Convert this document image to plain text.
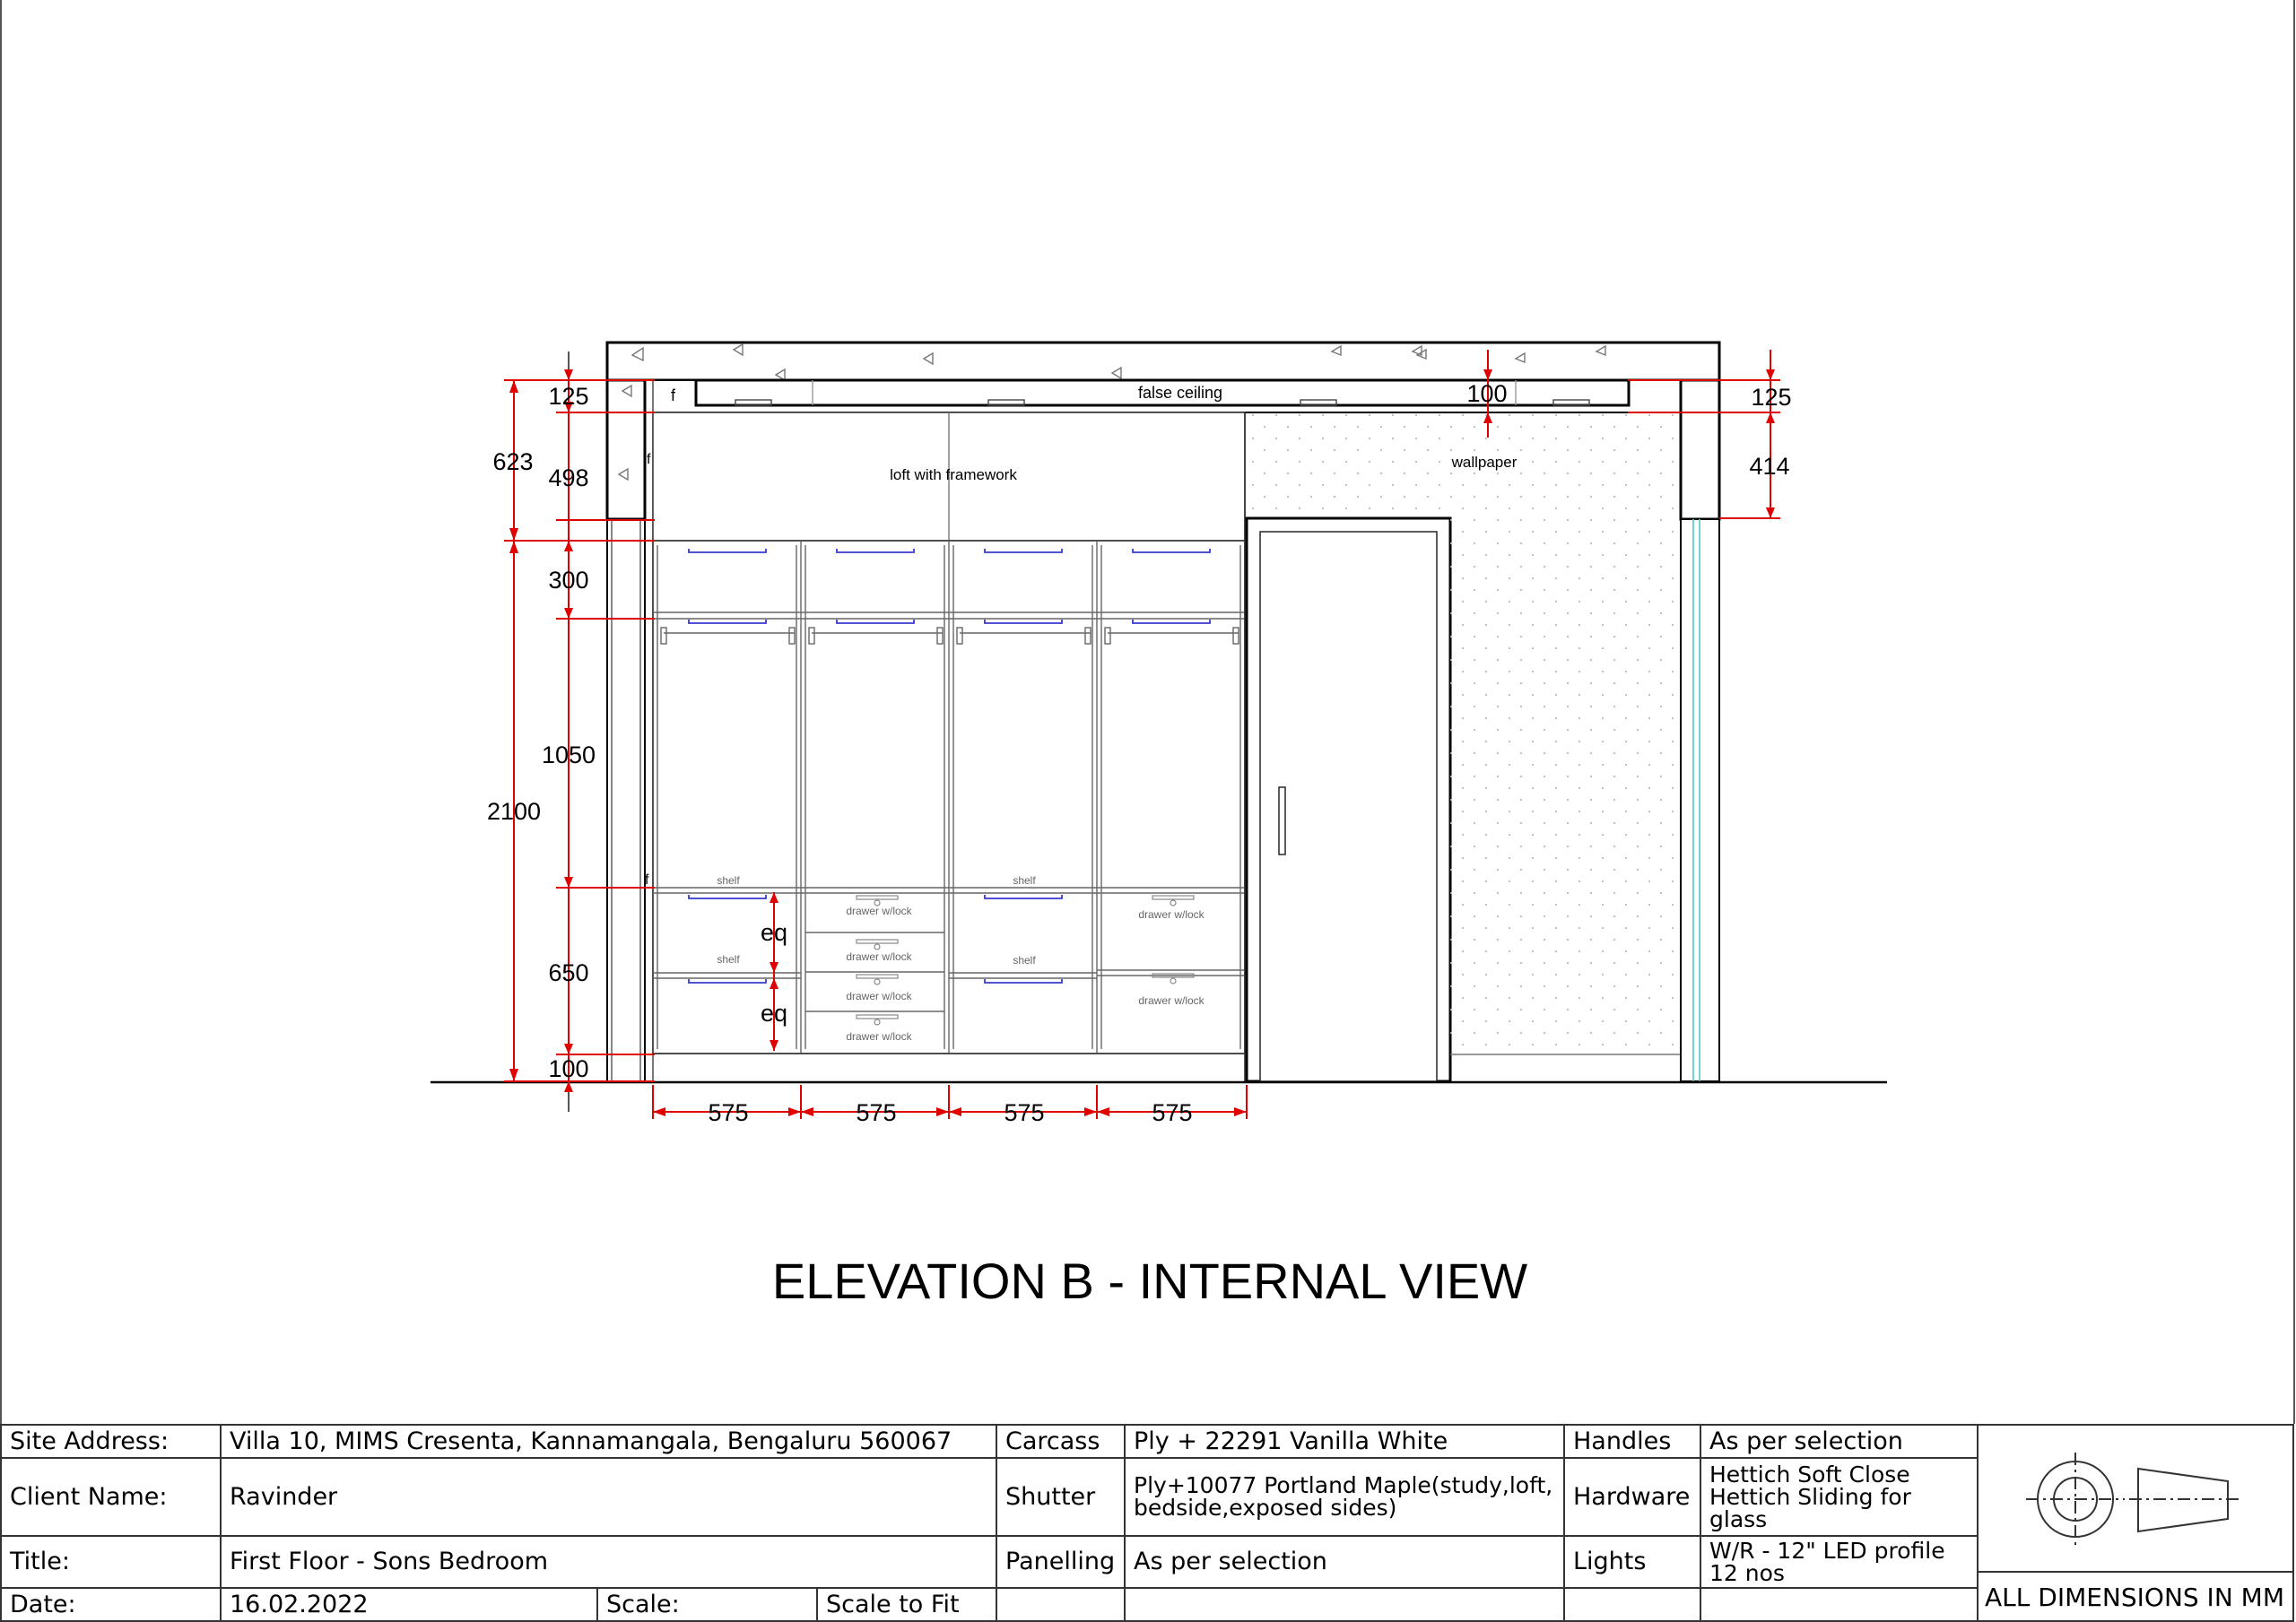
false ceiling
f
f
f
loft with framework
shelf
shelf
shelf
shelf
drawer w/lock
drawer w/lock
drawer w/lock
drawer w/lock
drawer w/lock
drawer w/lock
wallpaper
623
2100
125
498
300
1050
650
100
100	125
414
eq
eq
575	575	575	575
ELEVATION B - INTERNAL VIEW
Site Address:	Villa 10, MIMS Cresenta, Kannamangala, Bengaluru 560067			Carcass	Ply + 22291 Vanilla White	Handles	As per selection
Client Name:	Ravinder			Shutter	Ply+10077 Portland Maple(study,loft, bedside,exposed sides)	Hardware	Hettich Soft Close
Hettich Sliding for glass

Title:	First Floor - Sons Bedroom			Panelling	As per selection	Lights	W/R - 12" LED profile
12 nos

Date:	16.02.2022	Scale:	Scale to Fit					ALL DIMENSIONS IN MM
